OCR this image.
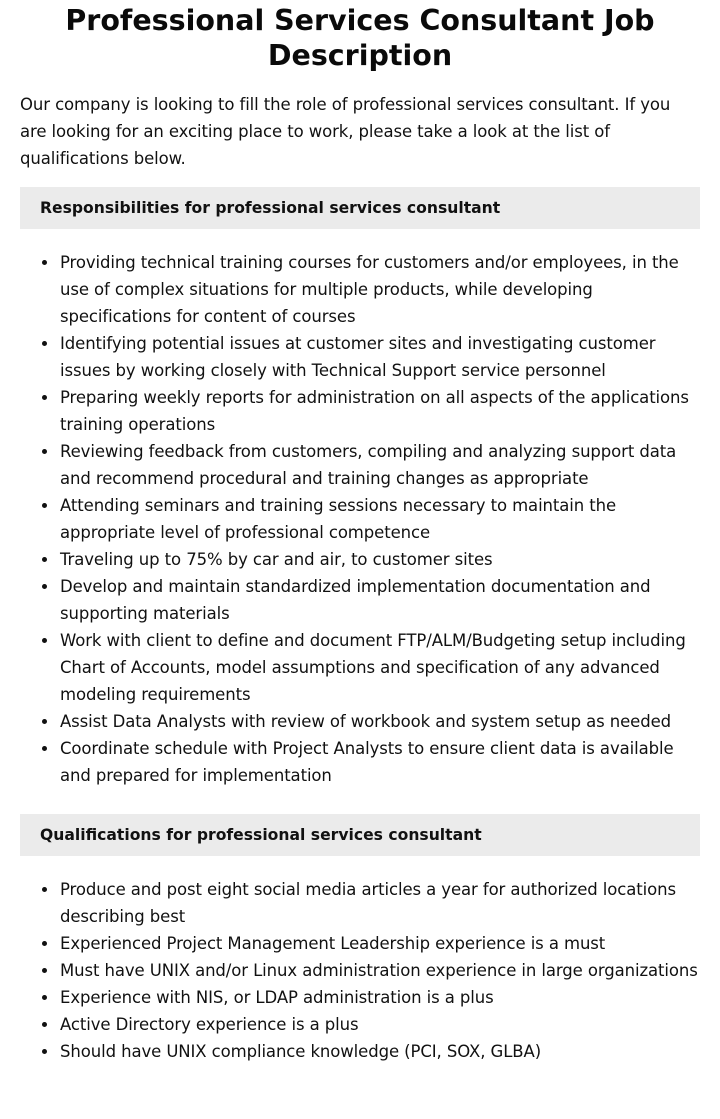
Professional Services Consultant Job Description

Our company is looking to fill the role of professional services consultant. If you are looking for an exciting place to work, please take a look at the list of qualifications below.

Responsibilities for professional services consultant
Providing technical training courses for customers and/or employees, in the use of complex situations for multiple products, while developing specifications for content of courses
Identifying potential issues at customer sites and investigating customer issues by working closely with Technical Support service personnel
Preparing weekly reports for administration on all aspects of the applications training operations
Reviewing feedback from customers, compiling and analyzing support data and recommend procedural and training changes as appropriate
Attending seminars and training sessions necessary to maintain the appropriate level of professional competence
Traveling up to 75% by car and air, to customer sites
Develop and maintain standardized implementation documentation and supporting materials
Work with client to define and document FTP/ALM/Budgeting setup including Chart of Accounts, model assumptions and specification of any advanced modeling requirements
Assist Data Analysts with review of workbook and system setup as needed
Coordinate schedule with Project Analysts to ensure client data is available and prepared for implementation
Qualifications for professional services consultant
Produce and post eight social media articles a year for authorized locations describing best
Experienced Project Management Leadership experience is a must
Must have UNIX and/or Linux administration experience in large organizations
Experience with NIS, or LDAP administration is a plus
Active Directory experience is a plus
Should have UNIX compliance knowledge (PCI, SOX, GLBA)
